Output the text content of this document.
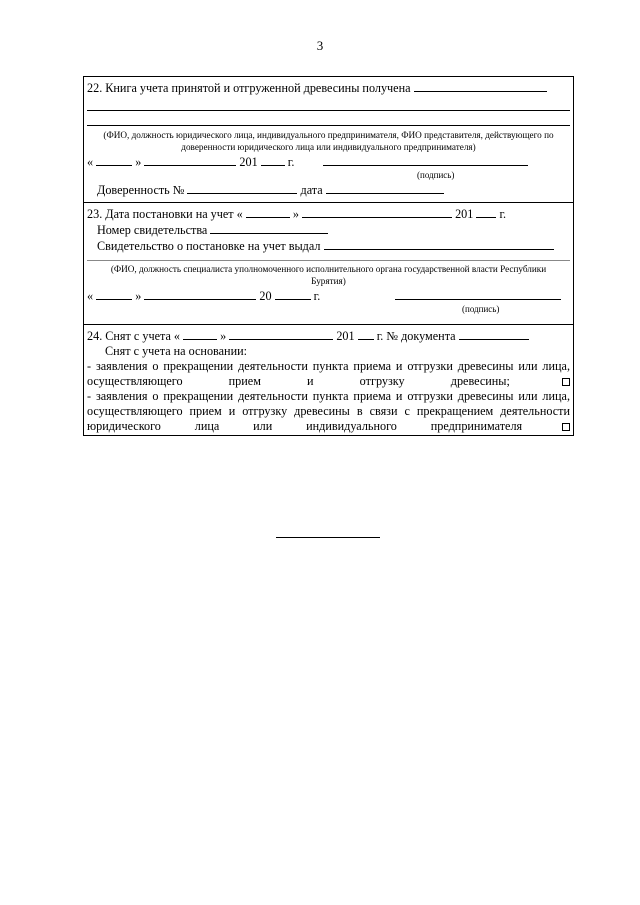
3
22. Книга учета принятой и отгруженной древесины получена
(ФИО, должность юридического лица, индивидуального предпринимателя, ФИО представителя, действующего по доверенности юридического лица или индивидуального предпринимателя)
«	»	201 г.
(подпись)
Доверенность №	дата
23. Дата постановки на учет «	»	201 г.
Номер свидетельства
Свидетельство о постановке на учет выдал
(ФИО, должность специалиста уполномоченного исполнительного органа государственной власти Республики Бурятия)
«	»	20	г.
(подпись)
24. Снят с учета «	»	201 г. № документа
Снят с учета на основании:
- заявления о прекращении деятельности пункта приема и отгрузки древесины или лица, осуществляющего прием и отгрузку древесины;
- заявления о прекращении деятельности пункта приема и отгрузки древесины или лица, осуществляющего прием и отгрузку древесины в связи с прекращением деятельности юридического лица или индивидуального предпринимателя
